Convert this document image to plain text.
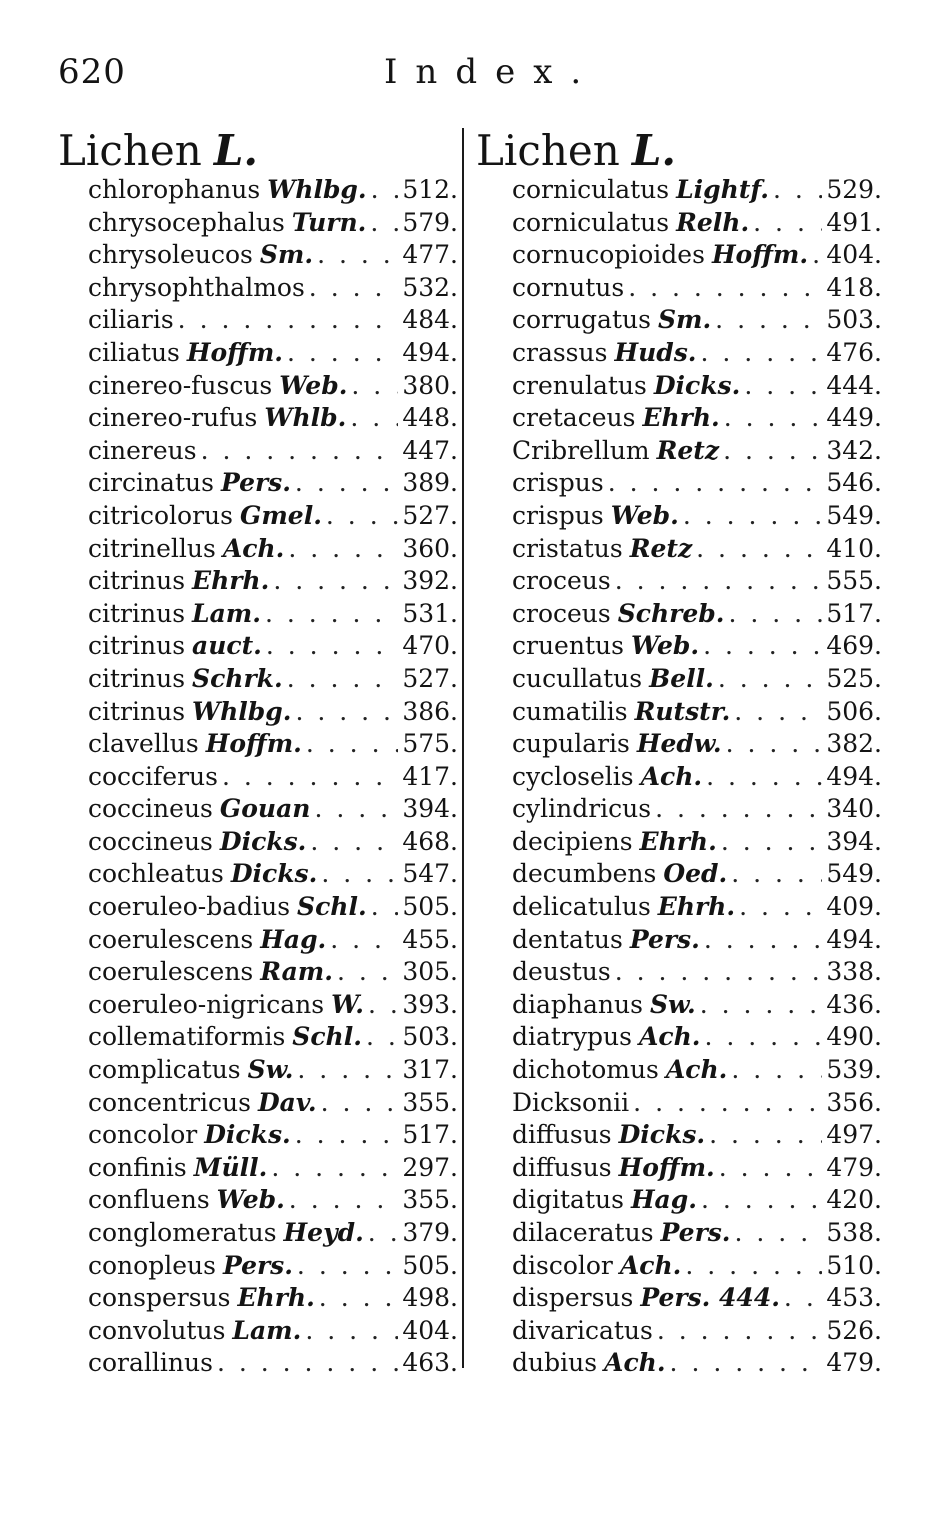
620	Index.
Lichen L.
chlorophanus Whlbg. . . . 512.
chrysocephalus Turn. . . . 579.
chrysoleucos Sm. . . .	477.
chrysophthalmos . . .	532.
ciliaris . . .	484.
ciliatus Hoffm. . . .	494.
cinereo-fuscus Web. . . . 380.
cinereo-rufus Whlb. . . . 448.
cinereus . . .	447.
circinatus Pers. . . .	389.
citricolorus Gmel. . . .	527.
citrinellus Ach. . . .	360.
citrinus Ehrh. . . .	392.
citrinus Lam. . . .	531.
citrinus auct. . . .	470.
citrinus Schrk. . . .	527.
citrinus Whlbg. . . .	386.
clavellus Hoffm. . . .	575.
cocciferus . . .	417.
coccineus Gouan . . .	394.
coccineus Dicks. . . .	468.
cochleatus Dicks. . . .	547.
coeruleo-badius Schl. . . . 505.
coerulescens Hag. . . .	455.
coerulescens Ram. . . .	305.
coeruleo-nigricans W. . . . 393.
collematiformis Schl. . . . 503.
complicatus Sw. . . .	317.
concentricus Dav. . . .	355.
concolor Dicks. . . .	517.
confinis Müll. . . .	297.
confluens Web. . . .	355.
conglomeratus Heyd. . . . 379.
conopleus Pers. . . .	505.
conspersus Ehrh. . . .	498.
convolutus Lam. . . .	404.
corallinus . . .	463.
Lichen L.
corniculatus Lightf. . . . 529.
corniculatus Relh. . . .	491.
cornucopioides Hoffm. . . . 404.
cornutus . . .	418.
corrugatus Sm. . . .	503.
crassus Huds. . . .	476.
crenulatus Dicks. . . .	444.
cretaceus Ehrh. . . .	449.
Cribrellum Retz . . .	342.
crispus . . .	546.
crispus Web. . . .	549.
cristatus Retz . . .	410.
croceus . . .	555.
croceus Schreb. . . .	517.
cruentus Web. . . .	469.
cucullatus Bell. . . .	525.
cumatilis Rutstr. . . .	506.
cupularis Hedw. . . .	382.
cycloselis Ach. . . .	494.
cylindricus . . .	340.
decipiens Ehrh. . . .	394.
decumbens Oed. . . .	549.
delicatulus Ehrh. . . .	409.
dentatus Pers. . . .	494.
deustus . . .	338.
diaphanus Sw. . . .	436.
diatrypus Ach. . . .	490.
dichotomus Ach. . . .	539.
Dicksonii . . .	356.
diffusus Dicks. . . .	497.
diffusus Hoffm. . . .	479.
digitatus Hag. . . .	420.
dilaceratus Pers. . . .	538.
discolor Ach. . . .	510.
dispersus Pers. 444. . . . 453.
divaricatus . . .	526.
dubius Ach. . . .	479.
